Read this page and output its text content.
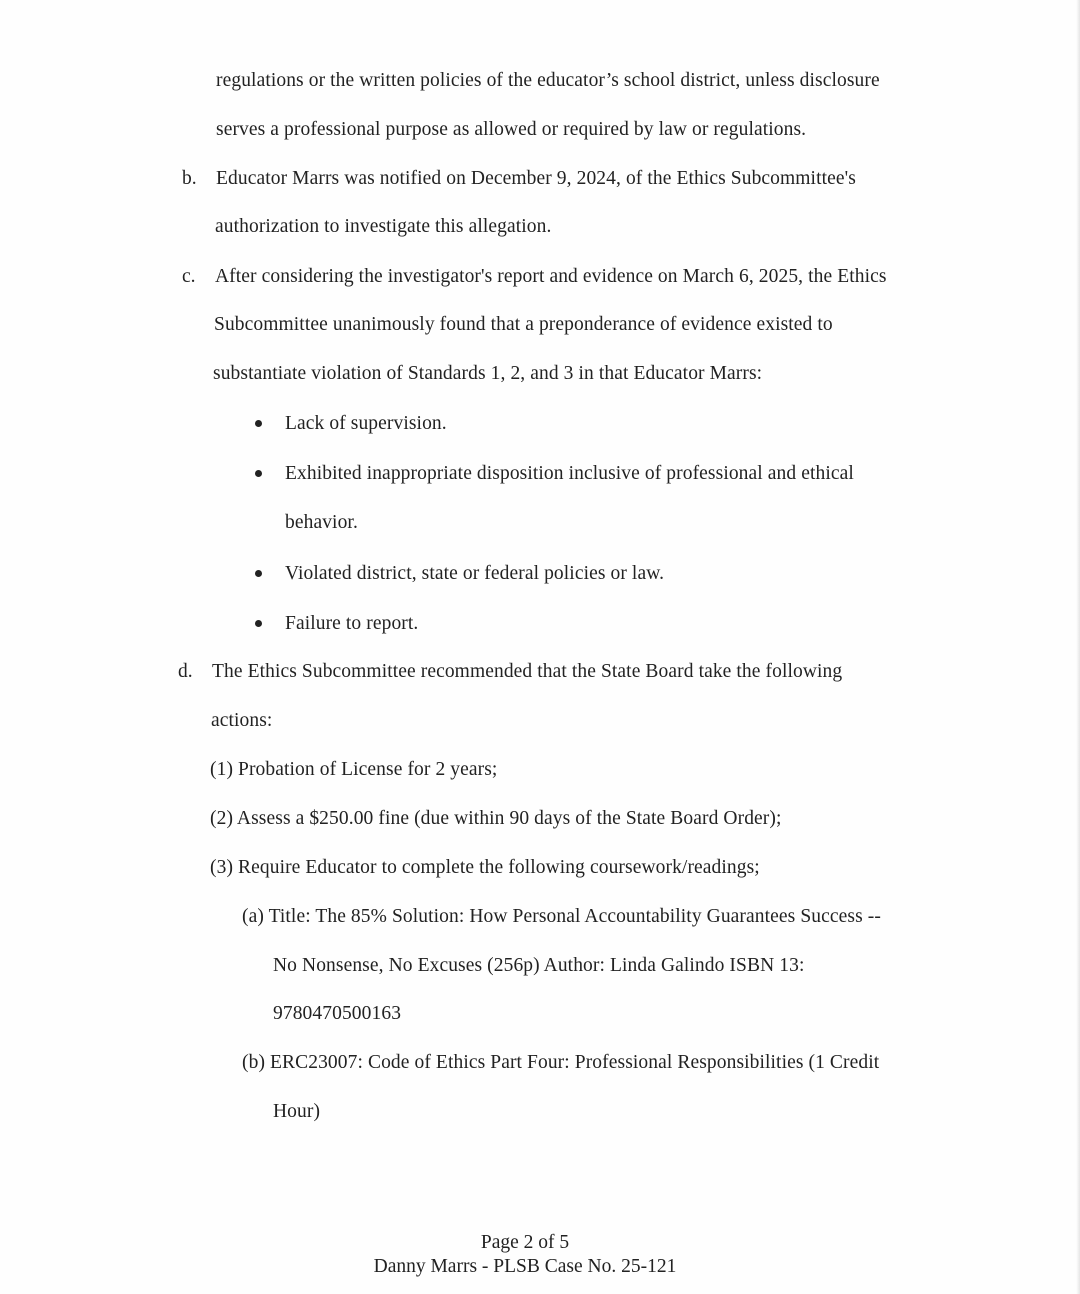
regulations or the written policies of the educator’s school district, unless disclosure
serves a professional purpose as allowed or required by law or regulations.
b. Educator Marrs was notified on December 9, 2024, of the Ethics Subcommittee's
authorization to investigate this allegation.
c. After considering the investigator's report and evidence on March 6, 2025, the Ethics
Subcommittee unanimously found that a preponderance of evidence existed to
substantiate violation of Standards 1, 2, and 3 in that Educator Marrs:
Lack of supervision.
Exhibited inappropriate disposition inclusive of professional and ethical
behavior.
Violated district, state or federal policies or law.
Failure to report.
d. The Ethics Subcommittee recommended that the State Board take the following
actions:
(1) Probation of License for 2 years;
(2) Assess a $250.00 fine (due within 90 days of the State Board Order);
(3) Require Educator to complete the following coursework/readings;
(a) Title: The 85% Solution: How Personal Accountability Guarantees Success --
No Nonsense, No Excuses (256p) Author: Linda Galindo ISBN 13:
9780470500163
(b) ERC23007: Code of Ethics Part Four: Professional Responsibilities (1 Credit
Hour)
Page 2 of 5
Danny Marrs - PLSB Case No. 25-121
